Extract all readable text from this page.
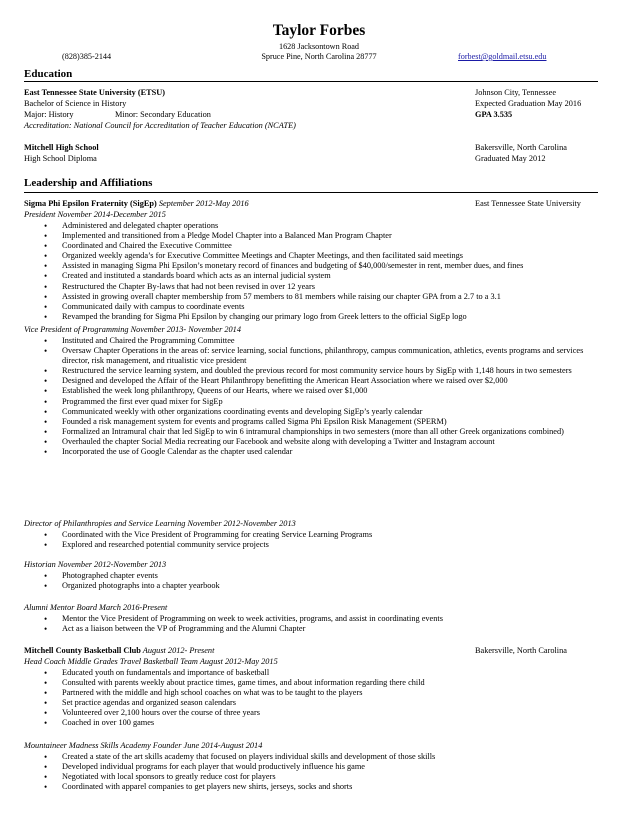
Taylor Forbes
1628 Jacksontown Road
(828)385-2144	Spruce Pine, North Carolina 28777	forbest@goldmail.etsu.edu
Education
East Tennessee State University (ETSU)	Johnson City, Tennessee
Bachelor of Science in History	Expected Graduation May 2016
Major: History                    Minor: Secondary Education	GPA 3.535
Accreditation: National Council for Accreditation of Teacher Education (NCATE)
Mitchell High School	Bakersville, North Carolina
High School Diploma	Graduated May 2012
Leadership and Affiliations
Sigma Phi Epsilon Fraternity (SigEp) September 2012-May 2016	East Tennessee State University
President November 2014-December 2015
• Administered and delegated chapter operations
• Implemented and transitioned from a Pledge Model Chapter into a Balanced Man Program Chapter
• Coordinated and Chaired the Executive Committee
• Organized weekly agenda’s for Executive Committee Meetings and Chapter Meetings, and then facilitated said meetings
• Assisted in managing Sigma Phi Epsilon’s monetary record of finances and budgeting of $40,000/semester in rent, member dues, and fines
• Created and instituted a standards board which acts as an internal judicial system
• Restructured the Chapter By-laws that had not been revised in over 12 years
• Assisted in growing overall chapter membership from 57 members to 81 members while raising our chapter GPA from a 2.7 to a 3.1
• Communicated daily with campus to coordinate events
• Revamped the branding for Sigma Phi Epsilon by changing our primary logo from Greek letters to the official SigEp logo
Vice President of Programming November 2013- November 2014
• Instituted and Chaired the Programming Committee
• Oversaw Chapter Operations in the areas of: service learning, social functions, philanthropy, campus communication, athletics, events programs and services director, risk management, and ritualistic vice president
• Restructured the service learning system, and doubled the previous record for most community service hours by SigEp with 1,148 hours in two semesters
• Designed and developed the Affair of the Heart Philanthropy benefitting the American Heart Association where we raised over $2,000
• Established the week long philanthropy, Queens of our Hearts, where we raised over $1,000
• Programmed the first ever quad mixer for SigEp
• Communicated weekly with other organizations coordinating events and developing SigEp’s yearly calendar
• Founded a risk management system for events and programs called Sigma Phi Epsilon Risk Management (SPERM)
• Formalized an Intramural chair that led SigEp to win 6 intramural championships in two semesters (more than all other Greek organizations combined)
• Overhauled the chapter Social Media recreating our Facebook and website along with developing a Twitter and Instagram account
• Incorporated the use of Google Calendar as the chapter used calendar
Director of Philanthropies and Service Learning November 2012-November 2013
• Coordinated with the Vice President of Programming for creating Service Learning Programs
• Explored and researched potential community service projects
Historian November 2012-November 2013
• Photographed chapter events
• Organized photographs into a chapter yearbook
Alumni Mentor Board March 2016-Present
• Mentor the Vice President of Programming on week to week activities, programs, and assist in coordinating events
• Act as a liaison between the VP of Programming and the Alumni Chapter
Mitchell County Basketball Club August 2012- Present	Bakersville, North Carolina
Head Coach Middle Grades Travel Basketball Team August 2012-May 2015
• Educated youth on fundamentals and importance of basketball
• Consulted with parents weekly about practice times, game times, and about information regarding there child
• Partnered with the middle and high school coaches on what was to be taught to the players
• Set practice agendas and organized season calendars
• Volunteered over 2,100 hours over the course of three years
• Coached in over 100 games
Mountaineer Madness Skills Academy Founder June 2014-August 2014
• Created a state of the art skills academy that focused on players individual skills and development of those skills
• Developed individual programs for each player that would productively influence his game
• Negotiated with local sponsors to greatly reduce cost for players
• Coordinated with apparel companies to get players new shirts, jerseys, socks and shorts
